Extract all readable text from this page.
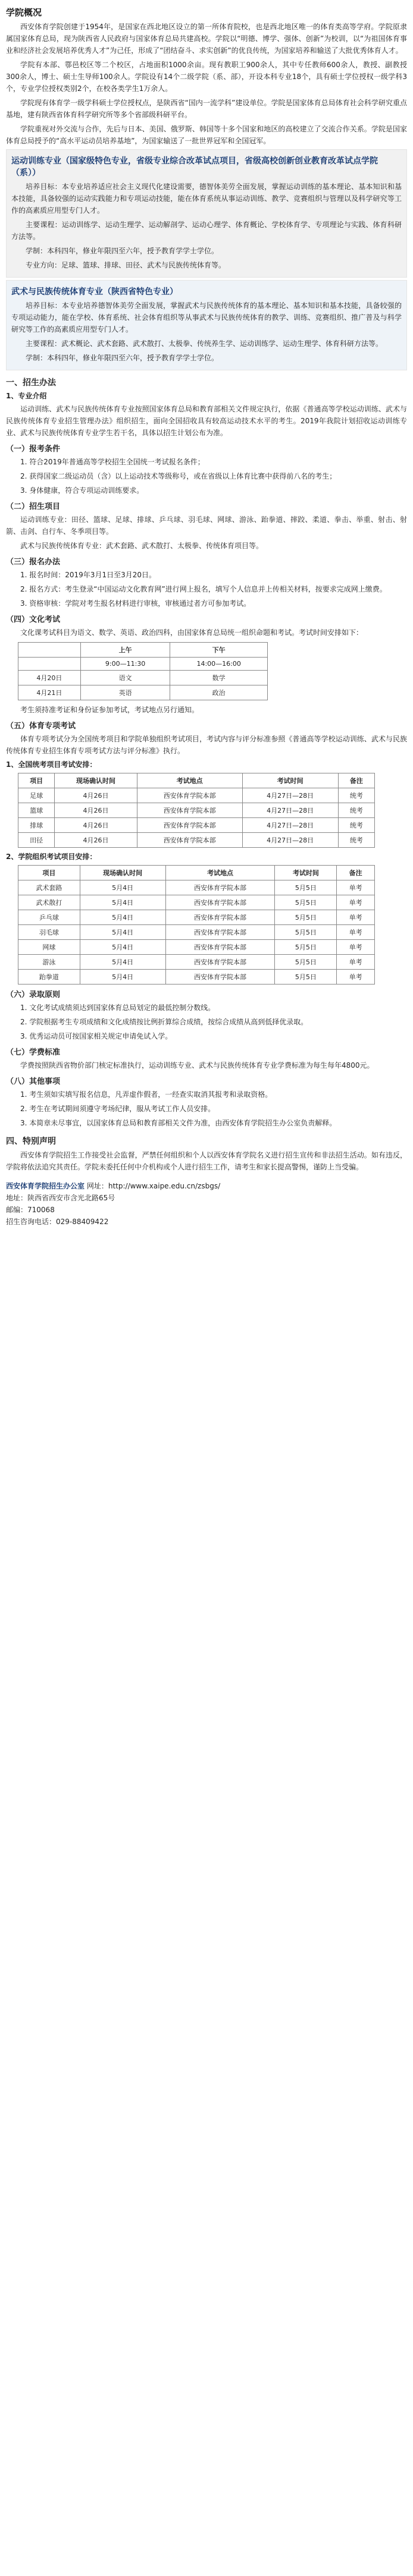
学院概况

西安体育学院创建于1954年，是国家在西北地区设立的第一所体育院校，也是西北地区唯一的体育类高等学府。学院原隶属国家体育总局，现为陕西省人民政府与国家体育总局共建高校。学院以“明德、博学、强体、创新”为校训，以“为祖国体育事业和经济社会发展培养优秀人才”为己任，形成了“团结奋斗、求实创新”的优良传统，为国家培养和输送了大批优秀体育人才。

学院有本部、鄠邑校区等二个校区，占地面积1000余亩。现有教职工900余人，其中专任教师600余人，教授、副教授300余人，博士、硕士生导师100余人。学院设有14个二级学院（系、部），开设本科专业18个，具有硕士学位授权一级学科3个，专业学位授权类别2个，在校各类学生1万余人。

学院现有体育学一级学科硕士学位授权点，是陕西省“国内一流学科”建设单位。学院是国家体育总局体育社会科学研究重点基地，建有陕西省体育科学研究所等多个省部级科研平台。

学院重视对外交流与合作，先后与日本、美国、俄罗斯、韩国等十多个国家和地区的高校建立了交流合作关系。学院是国家体育总局授予的“高水平运动员培养基地”，为国家输送了一批世界冠军和全国冠军。

运动训练专业（国家级特色专业，省级专业综合改革试点项目，省级高校创新创业教育改革试点学院（系））

培养目标：本专业培养适应社会主义现代化建设需要，德智体美劳全面发展，掌握运动训练的基本理论、基本知识和基本技能，具备较强的运动实践能力和专项运动技能，能在体育系统从事运动训练、教学、竞赛组织与管理以及科学研究等工作的高素质应用型专门人才。

主要课程：运动训练学、运动生理学、运动解剖学、运动心理学、体育概论、学校体育学、专项理论与实践、体育科研方法等。

学制：本科四年，修业年限四至六年，授予教育学学士学位。

专业方向：足球、篮球、排球、田径、武术与民族传统体育等。

武术与民族传统体育专业（陕西省特色专业）

培养目标：本专业培养德智体美劳全面发展，掌握武术与民族传统体育的基本理论、基本知识和基本技能，具备较强的专项运动能力，能在学校、体育系统、社会体育组织等从事武术与民族传统体育的教学、训练、竞赛组织、推广普及与科学研究等工作的高素质应用型专门人才。

主要课程：武术概论、武术套路、武术散打、太极拳、传统养生学、运动训练学、运动生理学、体育科研方法等。

学制：本科四年，修业年限四至六年，授予教育学学士学位。

一、招生办法
1、专业介绍

运动训练、武术与民族传统体育专业按照国家体育总局和教育部相关文件规定执行，依据《普通高等学校运动训练、武术与民族传统体育专业招生管理办法》组织招生，面向全国招收具有较高运动技术水平的考生。2019年我院计划招收运动训练专业、武术与民族传统体育专业学生若干名，具体以招生计划公布为准。

（一）报考条件

1. 符合2019年普通高等学校招生全国统一考试报名条件；

2. 获得国家二级运动员（含）以上运动技术等级称号，或在省级以上体育比赛中获得前八名的考生；

3. 身体健康，符合专项运动训练要求。

（二）招生项目

运动训练专业：田径、篮球、足球、排球、乒乓球、羽毛球、网球、游泳、跆拳道、摔跤、柔道、拳击、举重、射击、射箭、击剑、自行车、冬季项目等。

武术与民族传统体育专业：武术套路、武术散打、太极拳、传统体育项目等。

（三）报名办法

1. 报名时间：2019年3月1日至3月20日。

2. 报名方式：考生登录“中国运动文化教育网”进行网上报名，填写个人信息并上传相关材料，按要求完成网上缴费。

3. 资格审核：学院对考生报名材料进行审核，审核通过者方可参加考试。

（四）文化考试

文化课考试科目为语文、数学、英语、政治四科，由国家体育总局统一组织命题和考试。考试时间安排如下：

	上午	下午
	9:00—11:30	14:00—16:00
4月20日	语文	数学
4月21日	英语	政治

考生须持准考证和身份证参加考试，考试地点另行通知。

（五）体育专项考试

体育专项考试分为全国统考项目和学院单独组织考试项目，考试内容与评分标准参照《普通高等学校运动训练、武术与民族传统体育专业招生体育专项考试方法与评分标准》执行。

1、全国统考项目考试安排：
项目	现场确认时间	考试地点	考试时间	备注
足球	4月26日	西安体育学院本部	4月27日—28日	统考
篮球	4月26日	西安体育学院本部	4月27日—28日	统考
排球	4月26日	西安体育学院本部	4月27日—28日	统考
田径	4月26日	西安体育学院本部	4月27日—28日	统考
2、学院组织考试项目安排：
项目	现场确认时间	考试地点	考试时间	备注
武术套路	5月4日	西安体育学院本部	5月5日	单考
武术散打	5月4日	西安体育学院本部	5月5日	单考
乒乓球	5月4日	西安体育学院本部	5月5日	单考
羽毛球	5月4日	西安体育学院本部	5月5日	单考
网球	5月4日	西安体育学院本部	5月5日	单考
游泳	5月4日	西安体育学院本部	5月5日	单考
跆拳道	5月4日	西安体育学院本部	5月5日	单考
（六）录取原则

1. 文化考试成绩须达到国家体育总局划定的最低控制分数线。

2. 学院根据考生专项成绩和文化成绩按比例折算综合成绩，按综合成绩从高到低择优录取。

3. 优秀运动员可按国家相关规定申请免试入学。

（七）学费标准

学费按照陕西省物价部门核定标准执行，运动训练专业、武术与民族传统体育专业学费标准为每生每年4800元。

（八）其他事项

1. 考生须如实填写报名信息，凡弄虚作假者，一经查实取消其报考和录取资格。

2. 考生在考试期间须遵守考场纪律，服从考试工作人员安排。

3. 本简章未尽事宜，以国家体育总局和教育部相关文件为准，由西安体育学院招生办公室负责解释。

四、特别声明

西安体育学院招生工作接受社会监督，严禁任何组织和个人以西安体育学院名义进行招生宣传和非法招生活动。如有违反，学院将依法追究其责任。学院未委托任何中介机构或个人进行招生工作，请考生和家长提高警惕，谨防上当受骗。

西安体育学院招生办公室 网址：http://www.xaipe.edu.cn/zsbgs/
地址：陕西省西安市含光北路65号
邮编：710068
招生咨询电话：029-88409422
